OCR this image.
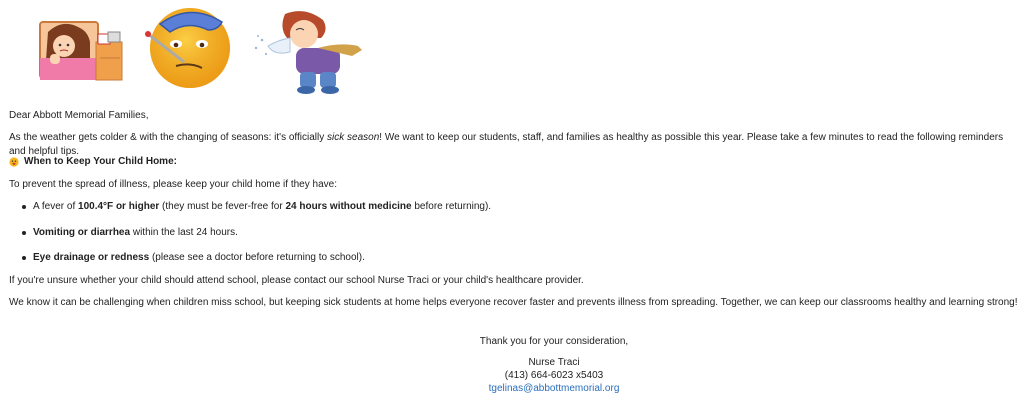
Dear Abbott Memorial Families,

As the weather gets colder & with the changing of seasons: it's officially sick season! We want to keep our students, staff, and families as healthy as possible this year. Please take a few minutes to read the following reminders and helpful tips.

When to Keep Your Child Home:

To prevent the spread of illness, please keep your child home if they have:

A fever of 100.4°F or higher (they must be fever-free for 24 hours without medicine before returning).
Vomiting or diarrhea within the last 24 hours.
Eye drainage or redness (please see a doctor before returning to school).

If you're unsure whether your child should attend school, please contact our school Nurse Traci or your child's healthcare provider.

We know it can be challenging when children miss school, but keeping sick students at home helps everyone recover faster and prevents illness from spreading. Together, we can keep our classrooms healthy and learning strong!

Thank you for your consideration,

Nurse Traci

(413) 664-6023 x5403

tgelinas@abbottmemorial.org
